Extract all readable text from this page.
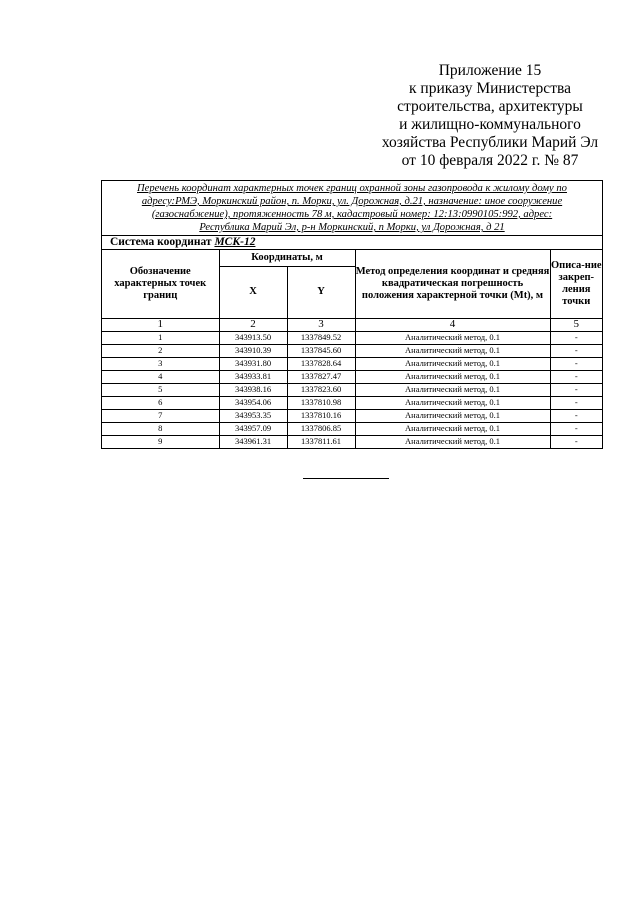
Приложение 15
к приказу Министерства
строительства, архитектуры
и жилищно-коммунального
хозяйства Республики Марий Эл
от 10 февраля 2022 г. № 87
Перечень координат характерных точек границ охранной зоны газопровода к жилому дому по
адресу:РМЭ, Моркинский район, п. Морки, ул. Дорожная, д.21, назначение: иное сооружение
(газоснабжение), протяженность 78 м, кадастровый номер: 12:13:0990105:992, адрес:
Республика Марий Эл, р-н Моркинский, п Морки, ул Дорожная, д 21
Система координат МСК-12
Обозначение характерных точек границ	Координаты, м		Метод определения координат и средняя квадратическая погрешность положения характерной точки (Mt), м	Описа-ние закреп-ления точки
	X	Y		
1	2	3	4	5
1	343913.50	1337849.52	Аналитический метод, 0.1	-
2	343910.39	1337845.60	Аналитический метод, 0.1	-
3	343931.80	1337828.64	Аналитический метод, 0.1	-
4	343933.81	1337827.47	Аналитический метод, 0.1	-
5	343938.16	1337823.60	Аналитический метод, 0.1	-
6	343954.06	1337810.98	Аналитический метод, 0.1	-
7	343953.35	1337810.16	Аналитический метод, 0.1	-
8	343957.09	1337806.85	Аналитический метод, 0.1	-
9	343961.31	1337811.61	Аналитический метод, 0.1	-
